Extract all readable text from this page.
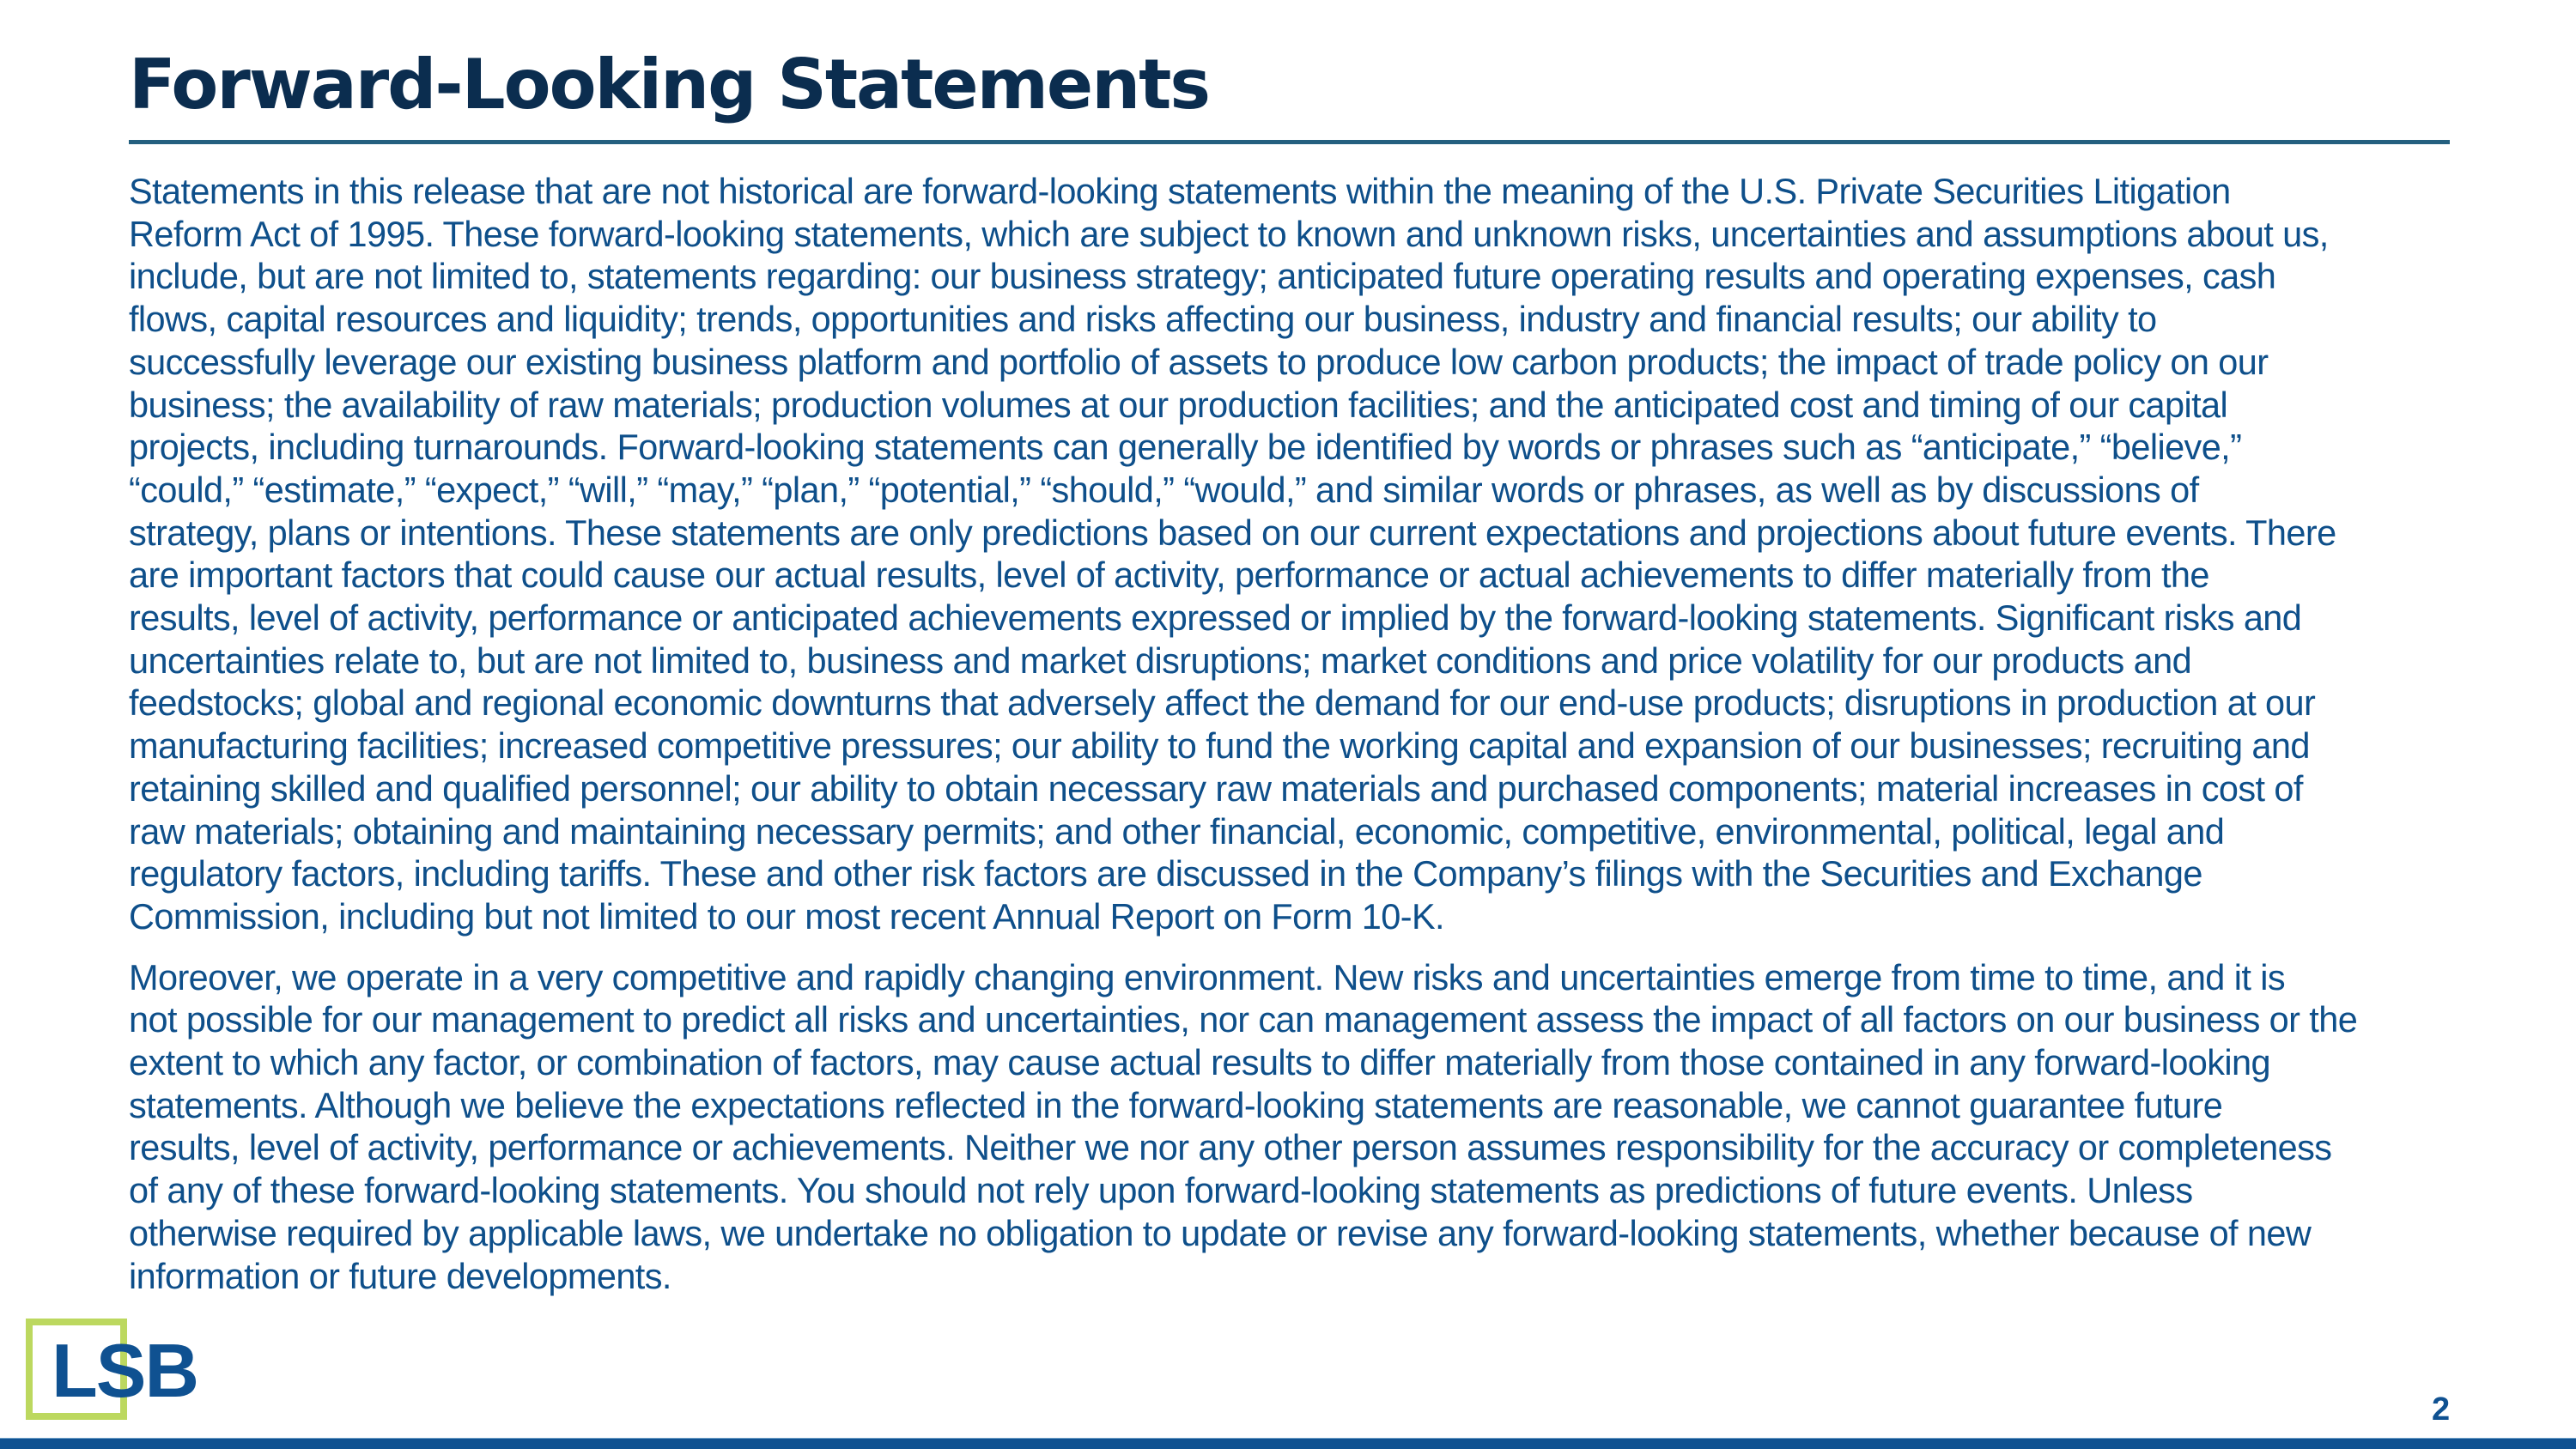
Forward-Looking Statements

Statements in this release that are not historical are forward-looking statements within the meaning of the U.S. Private Securities Litigation
Reform Act of 1995. These forward-looking statements, which are subject to known and unknown risks, uncertainties and assumptions about us,
include, but are not limited to, statements regarding: our business strategy; anticipated future operating results and operating expenses, cash
flows, capital resources and liquidity; trends, opportunities and risks affecting our business, industry and financial results; our ability to
successfully leverage our existing business platform and portfolio of assets to produce low carbon products; the impact of trade policy on our
business; the availability of raw materials; production volumes at our production facilities; and the anticipated cost and timing of our capital
projects, including turnarounds. Forward-looking statements can generally be identified by words or phrases such as “anticipate,” “believe,”
“could,” “estimate,” “expect,” “will,” “may,” “plan,” “potential,” “should,” “would,” and similar words or phrases, as well as by discussions of
strategy, plans or intentions. These statements are only predictions based on our current expectations and projections about future events. There
are important factors that could cause our actual results, level of activity, performance or actual achievements to differ materially from the
results, level of activity, performance or anticipated achievements expressed or implied by the forward-looking statements. Significant risks and
uncertainties relate to, but are not limited to, business and market disruptions; market conditions and price volatility for our products and
feedstocks; global and regional economic downturns that adversely affect the demand for our end-use products; disruptions in production at our
manufacturing facilities; increased competitive pressures; our ability to fund the working capital and expansion of our businesses; recruiting and
retaining skilled and qualified personnel; our ability to obtain necessary raw materials and purchased components; material increases in cost of
raw materials; obtaining and maintaining necessary permits; and other financial, economic, competitive, environmental, political, legal and
regulatory factors, including tariffs. These and other risk factors are discussed in the Company’s filings with the Securities and Exchange
Commission, including but not limited to our most recent Annual Report on Form 10-K.

Moreover, we operate in a very competitive and rapidly changing environment. New risks and uncertainties emerge from time to time, and it is
not possible for our management to predict all risks and uncertainties, nor can management assess the impact of all factors on our business or the
extent to which any factor, or combination of factors, may cause actual results to differ materially from those contained in any forward-looking
statements. Although we believe the expectations reflected in the forward-looking statements are reasonable, we cannot guarantee future
results, level of activity, performance or achievements. Neither we nor any other person assumes responsibility for the accuracy or completeness
of any of these forward-looking statements. You should not rely upon forward-looking statements as predictions of future events. Unless
otherwise required by applicable laws, we undertake no obligation to update or revise any forward-looking statements, whether because of new
information or future developments.

LSB	2
